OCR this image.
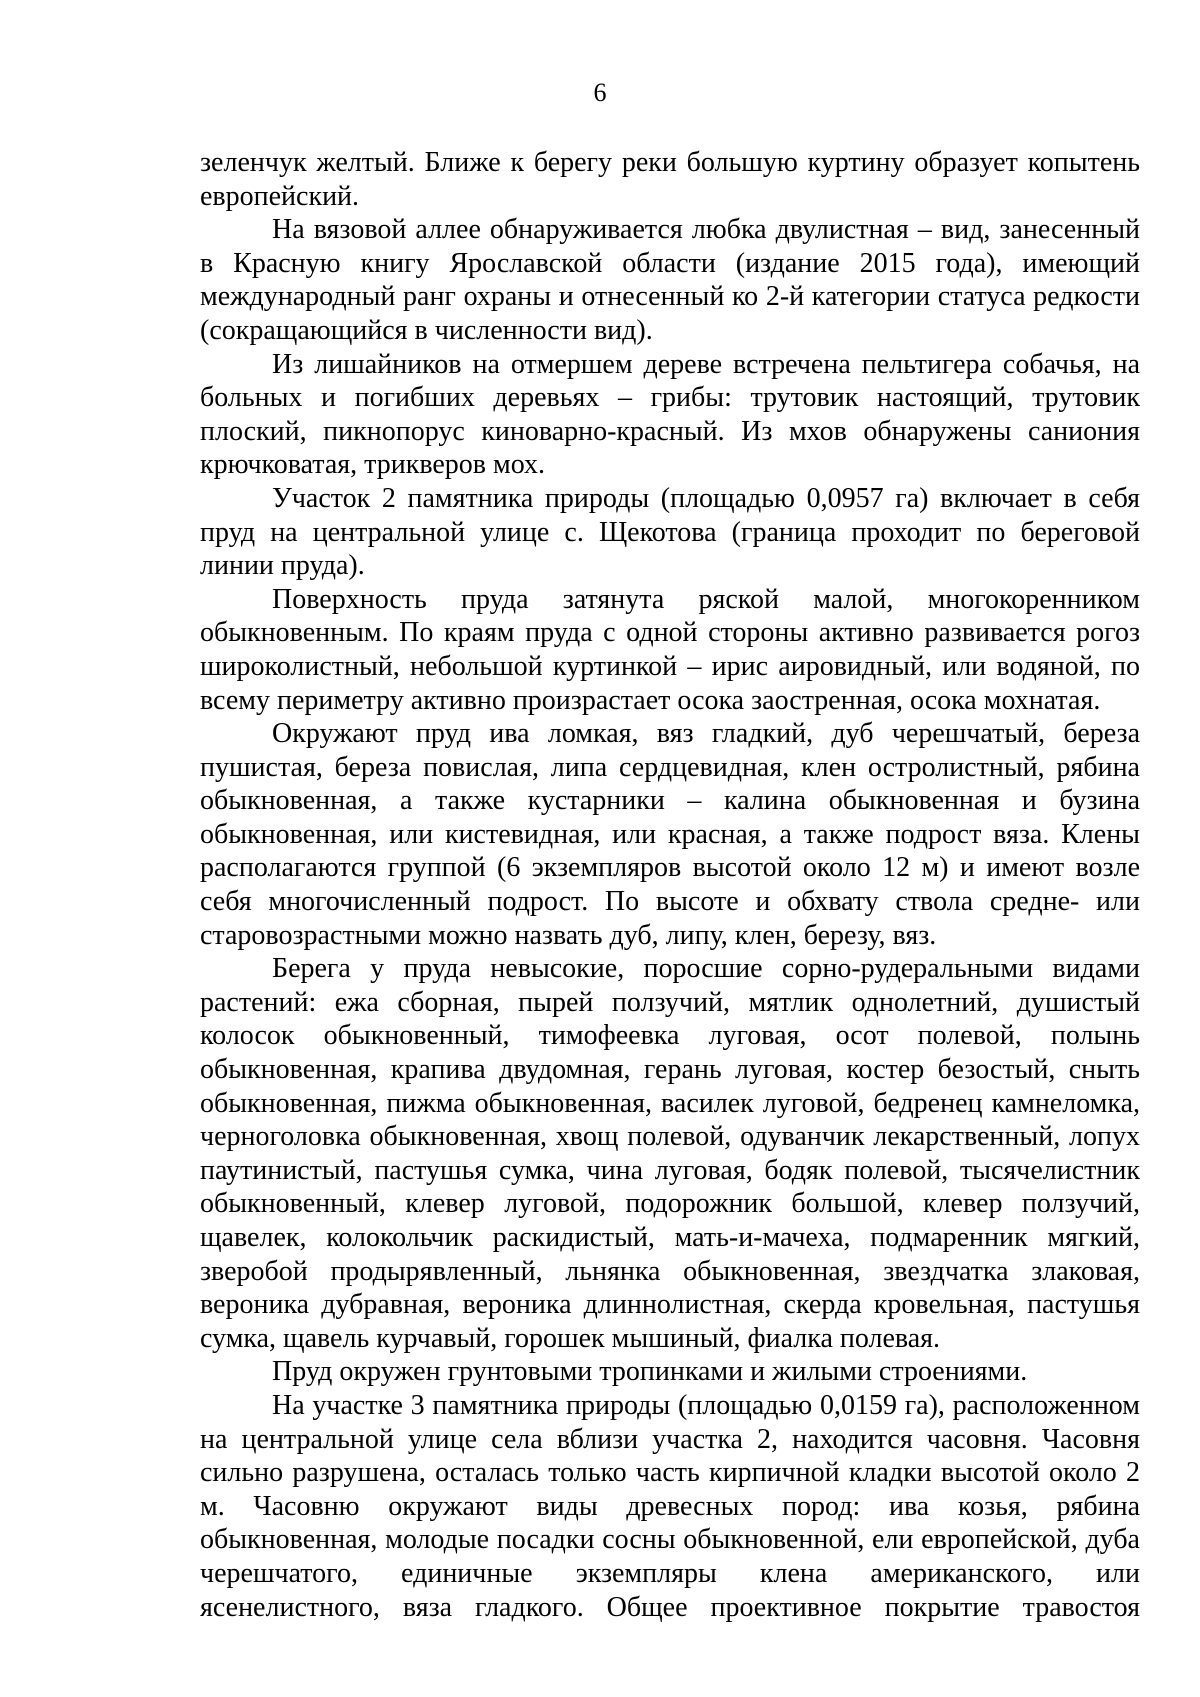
6

зеленчук желтый. Ближе к берегу реки большую куртину образует копытень европейский.

На вязовой аллее обнаруживается любка двулистная – вид, занесенный в Красную книгу Ярославской области (издание 2015 года), имеющий международный ранг охраны и отнесенный ко 2-й категории статуса редкости (сокращающийся в численности вид).

Из лишайников на отмершем дереве встречена пельтигера собачья, на больных и погибших деревьях – грибы: трутовик настоящий, трутовик плоский, пикнопорус киноварно-красный. Из мхов обнаружены саниония крючковатая, трикверов мох.

Участок 2 памятника природы (площадью 0,0957 га) включает в себя пруд на центральной улице с. Щекотова (граница проходит по береговой линии пруда).

Поверхность пруда затянута ряской малой, многокоренником обыкновенным. По краям пруда с одной стороны активно развивается рогоз широколистный, небольшой куртинкой – ирис аировидный, или водяной, по всему периметру активно произрастает осока заостренная, осока мохнатая.

Окружают пруд ива ломкая, вяз гладкий, дуб черешчатый, береза пушистая, береза повислая, липа сердцевидная, клен остролистный, рябина обыкновенная, а также кустарники – калина обыкновенная и бузина обыкновенная, или кистевидная, или красная, а также подрост вяза. Клены располагаются группой (6 экземпляров высотой около 12 м) и имеют возле себя многочисленный подрост. По высоте и обхвату ствола средне- или старовозрастными можно назвать дуб, липу, клен, березу, вяз.

Берега у пруда невысокие, поросшие сорно-рудеральными видами растений: ежа сборная, пырей ползучий, мятлик однолетний, душистый колосок обыкновенный, тимофеевка луговая, осот полевой, полынь обыкновенная, крапива двудомная, герань луговая, костер безостый, сныть обыкновенная, пижма обыкновенная, василек луговой, бедренец камнеломка, черноголовка обыкновенная, хвощ полевой, одуванчик лекарственный, лопух паутинистый, пастушья сумка, чина луговая, бодяк полевой, тысячелистник обыкновенный, клевер луговой, подорожник большой, клевер ползучий, щавелек, колокольчик раскидистый, мать-и-мачеха, подмаренник мягкий, зверобой продырявленный, льнянка обыкновенная, звездчатка злаковая, вероника дубравная, вероника длиннолистная, скерда кровельная, пастушья сумка, щавель курчавый, горошек мышиный, фиалка полевая.

Пруд окружен грунтовыми тропинками и жилыми строениями.

На участке 3 памятника природы (площадью 0,0159 га), расположенном на центральной улице села вблизи участка 2, находится часовня. Часовня сильно разрушена, осталась только часть кирпичной кладки высотой около 2 м. Часовню окружают виды древесных пород: ива козья, рябина обыкновенная, молодые посадки сосны обыкновенной, ели европейской, дуба черешчатого, единичные экземпляры клена американского, или ясенелистного, вяза гладкого. Общее проективное покрытие травостоя
